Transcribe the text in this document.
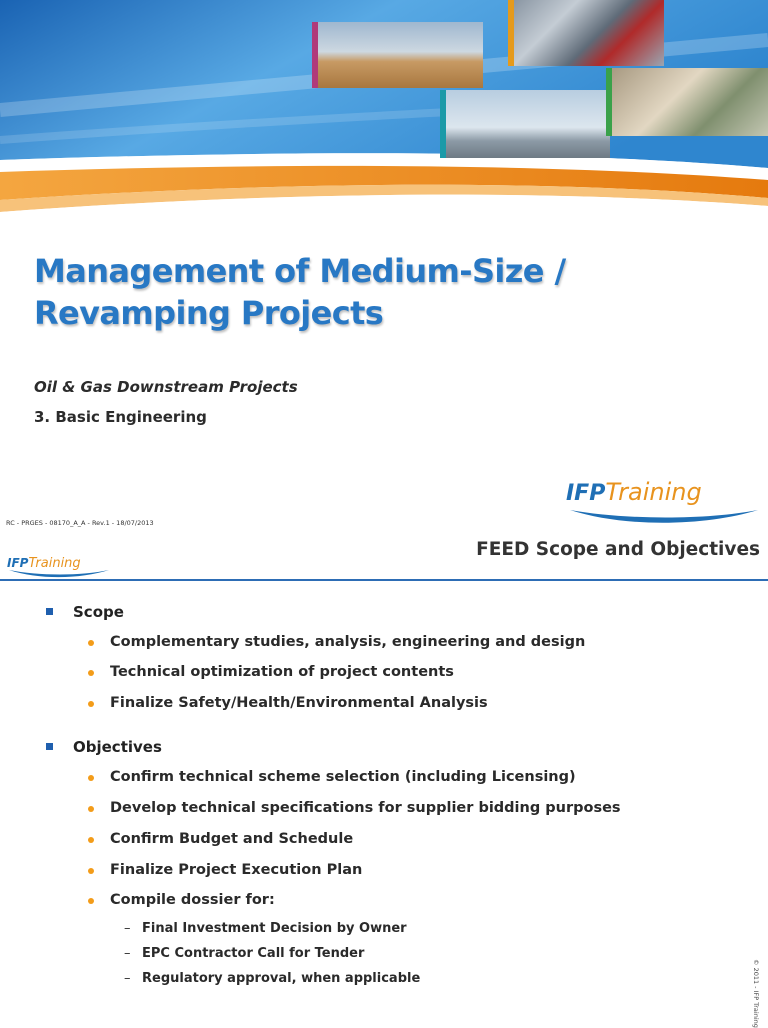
Management of Medium-Size /
Revamping Projects

Oil & Gas Downstream Projects

3. Basic Engineering

IFPTraining

RC - PRGES - 08170_A_A - Rev.1 - 18/07/2013

FEED Scope and Objectives

Scope

Complementary studies, analysis, engineering and design

Technical optimization of project contents

Finalize Safety/Health/Environmental Analysis

Objectives

Confirm technical scheme selection (including Licensing)

Develop technical specifications for supplier bidding purposes

Confirm Budget and Schedule

Finalize Project Execution Plan

Compile dossier for:

– Final Investment Decision by Owner

– EPC Contractor Call for Tender

– Regulatory approval, when applicable	© 2011 - IFP Training
IFPTraining
